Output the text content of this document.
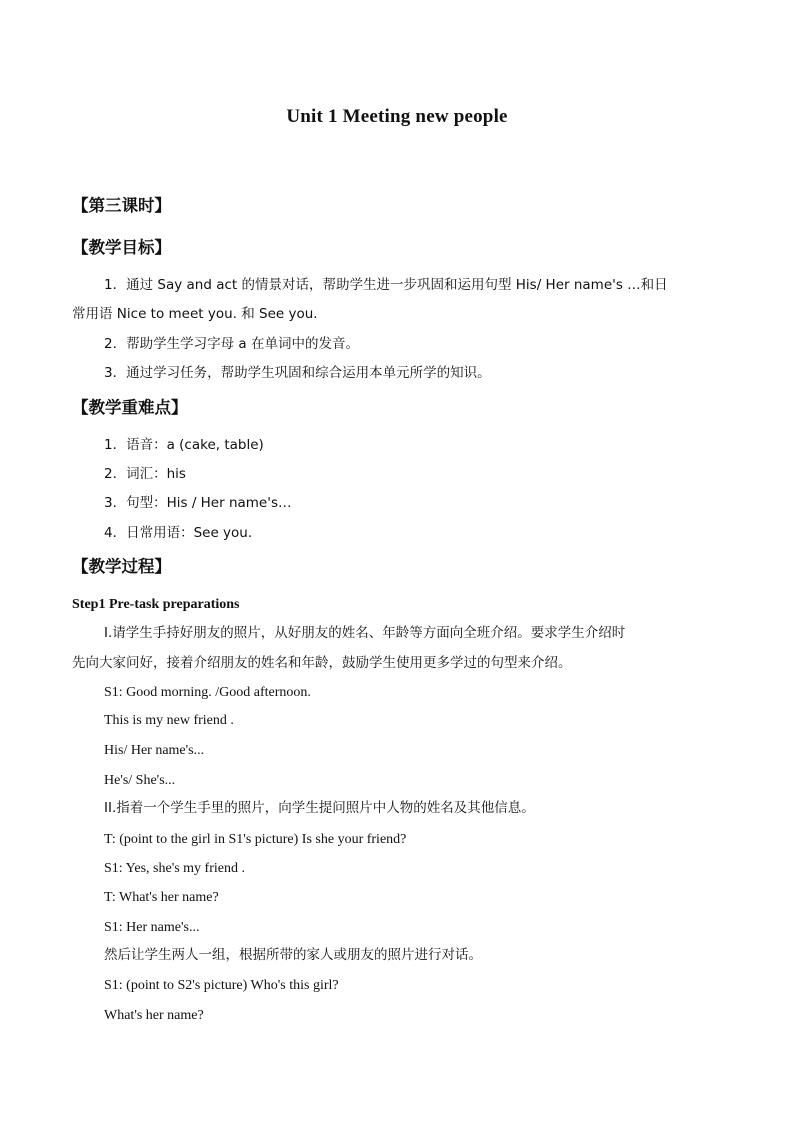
Unit 1 Meeting new people
【第三课时】
【教学目标】
1．通过 Say and act 的情景对话，帮助学生进一步巩固和运用句型 His/ Her name's …和日
常用语 Nice to meet you. 和 See you.
2．帮助学生学习字母 a 在单词中的发音。
3．通过学习任务，帮助学生巩固和综合运用本单元所学的知识。
【教学重难点】
1．语音：a (cake, table)
2．词汇：his
3．句型：His / Her name's…
4．日常用语：See you.
【教学过程】
Step1 Pre-task preparations
I.请学生手持好朋友的照片，从好朋友的姓名、年龄等方面向全班介绍。要求学生介绍时
先向大家问好，接着介绍朋友的姓名和年龄，鼓励学生使用更多学过的句型来介绍。
S1: Good morning. /Good afternoon.
This is my new friend .
His/ Her name's...
He's/ She's...
II.指着一个学生手里的照片，向学生提问照片中人物的姓名及其他信息。
T: (point to the girl in S1's picture) Is she your friend?
S1: Yes, she's my friend .
T: What's her name?
S1: Her name's...
然后让学生两人一组，根据所带的家人或朋友的照片进行对话。
S1: (point to S2's picture) Who's this girl?
What's her name?
